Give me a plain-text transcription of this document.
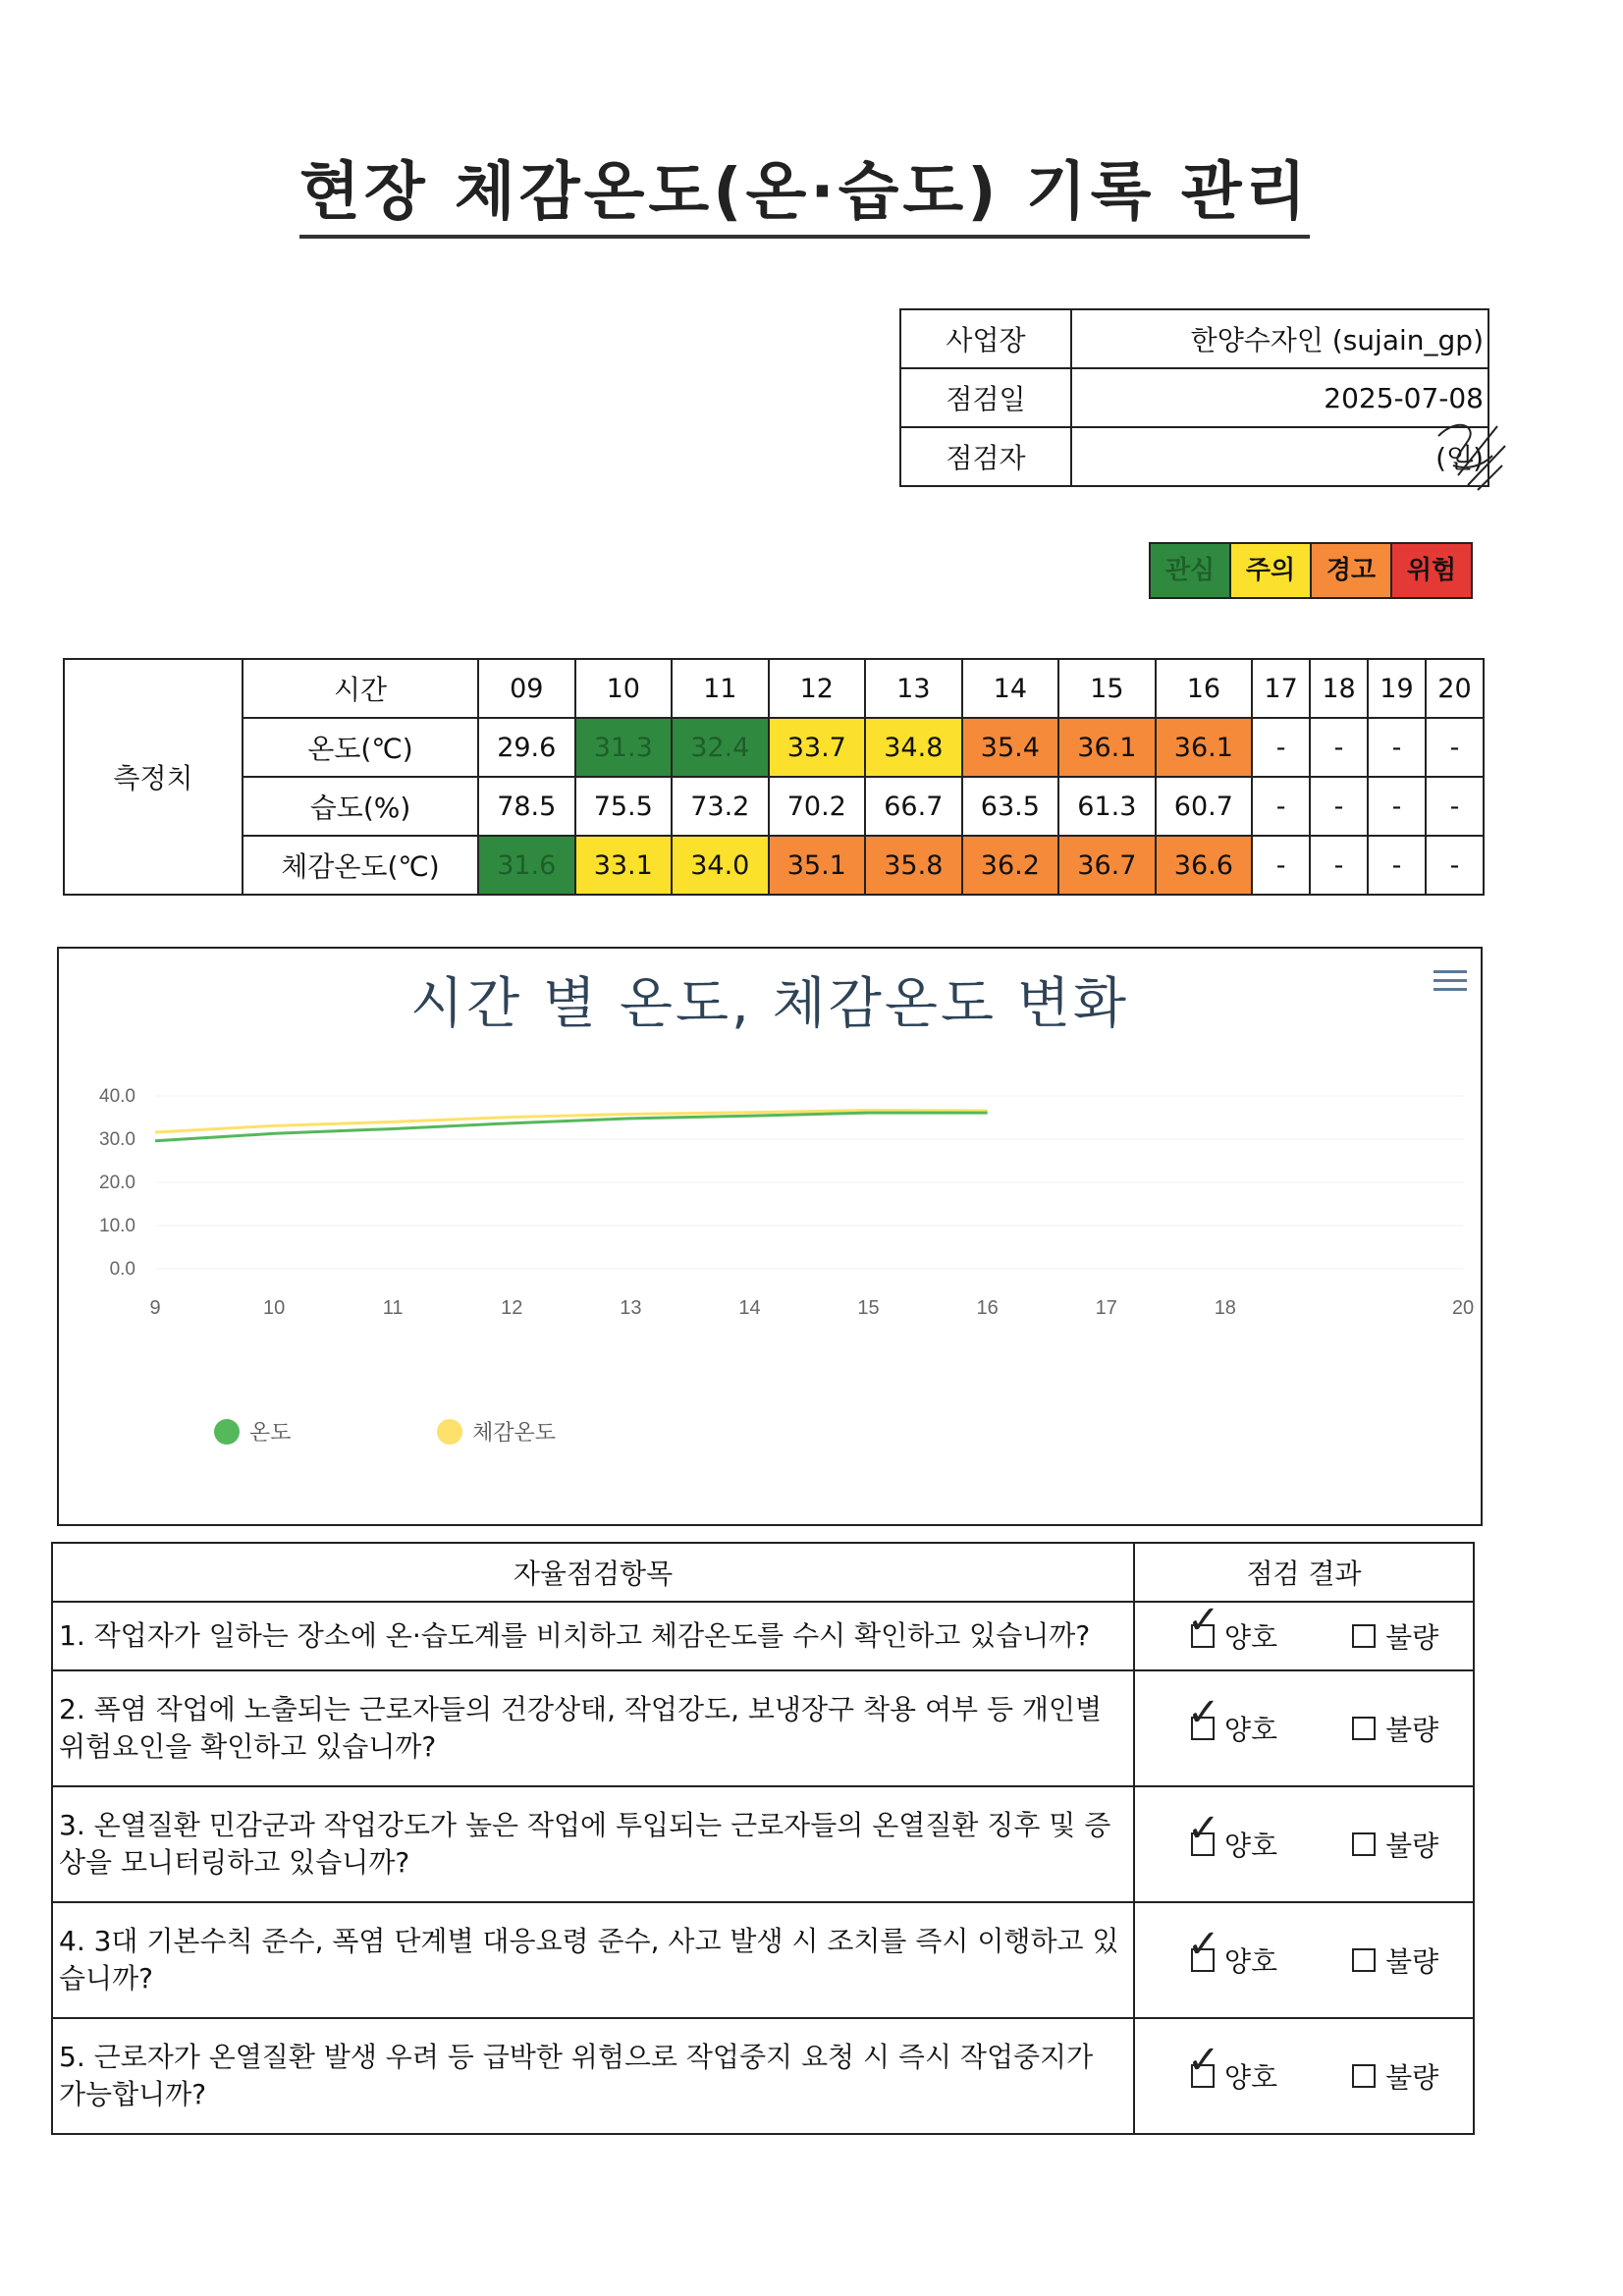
현장 체감온도(온·습도) 기록 관리
사업장	한양수자인 (sujain_gp)
점검일	2025-07-08
점검자	(인)
관심	주의	경고	위험
측정치	시간	09	10	11	12	13	14	15	16	17	18	19	20
	온도(℃)	29.6	31.3	32.4	33.7	34.8	35.4	36.1	36.1	-	-	-	-
	습도(%)	78.5	75.5	73.2	70.2	66.7	63.5	61.3	60.7	-	-	-	-
	체감온도(℃)	31.6	33.1	34.0	35.1	35.8	36.2	36.7	36.6	-	-	-	-
시간 별 온도, 체감온도 변화
40.0
30.0
20.0
10.0
0.0
9	10	11	12	13	14	15	16	17	18	20
온도	체감온도
자율점검항목	점검 결과
1. 작업자가 일하는 장소에 온·습도계를 비치하고 체감온도를 수시 확인하고 있습니까?	✓ 양호 불량

2. 폭염 작업에 노출되는 근로자들의 건강상태, 작업강도, 보냉장구 착용 여부 등 개인별 위험요인을 확인하고 있습니까?	✓ 양호 불량

3. 온열질환 민감군과 작업강도가 높은 작업에 투입되는 근로자들의 온열질환 징후 및 증상을 모니터링하고 있습니까?	✓ 양호 불량

4. 3대 기본수칙 준수, 폭염 단계별 대응요령 준수, 사고 발생 시 조치를 즉시 이행하고 있습니까?	✓ 양호 불량

5. 근로자가 온열질환 발생 우려 등 급박한 위험으로 작업중지 요청 시 즉시 작업중지가 가능합니까?	✓ 양호 불량
